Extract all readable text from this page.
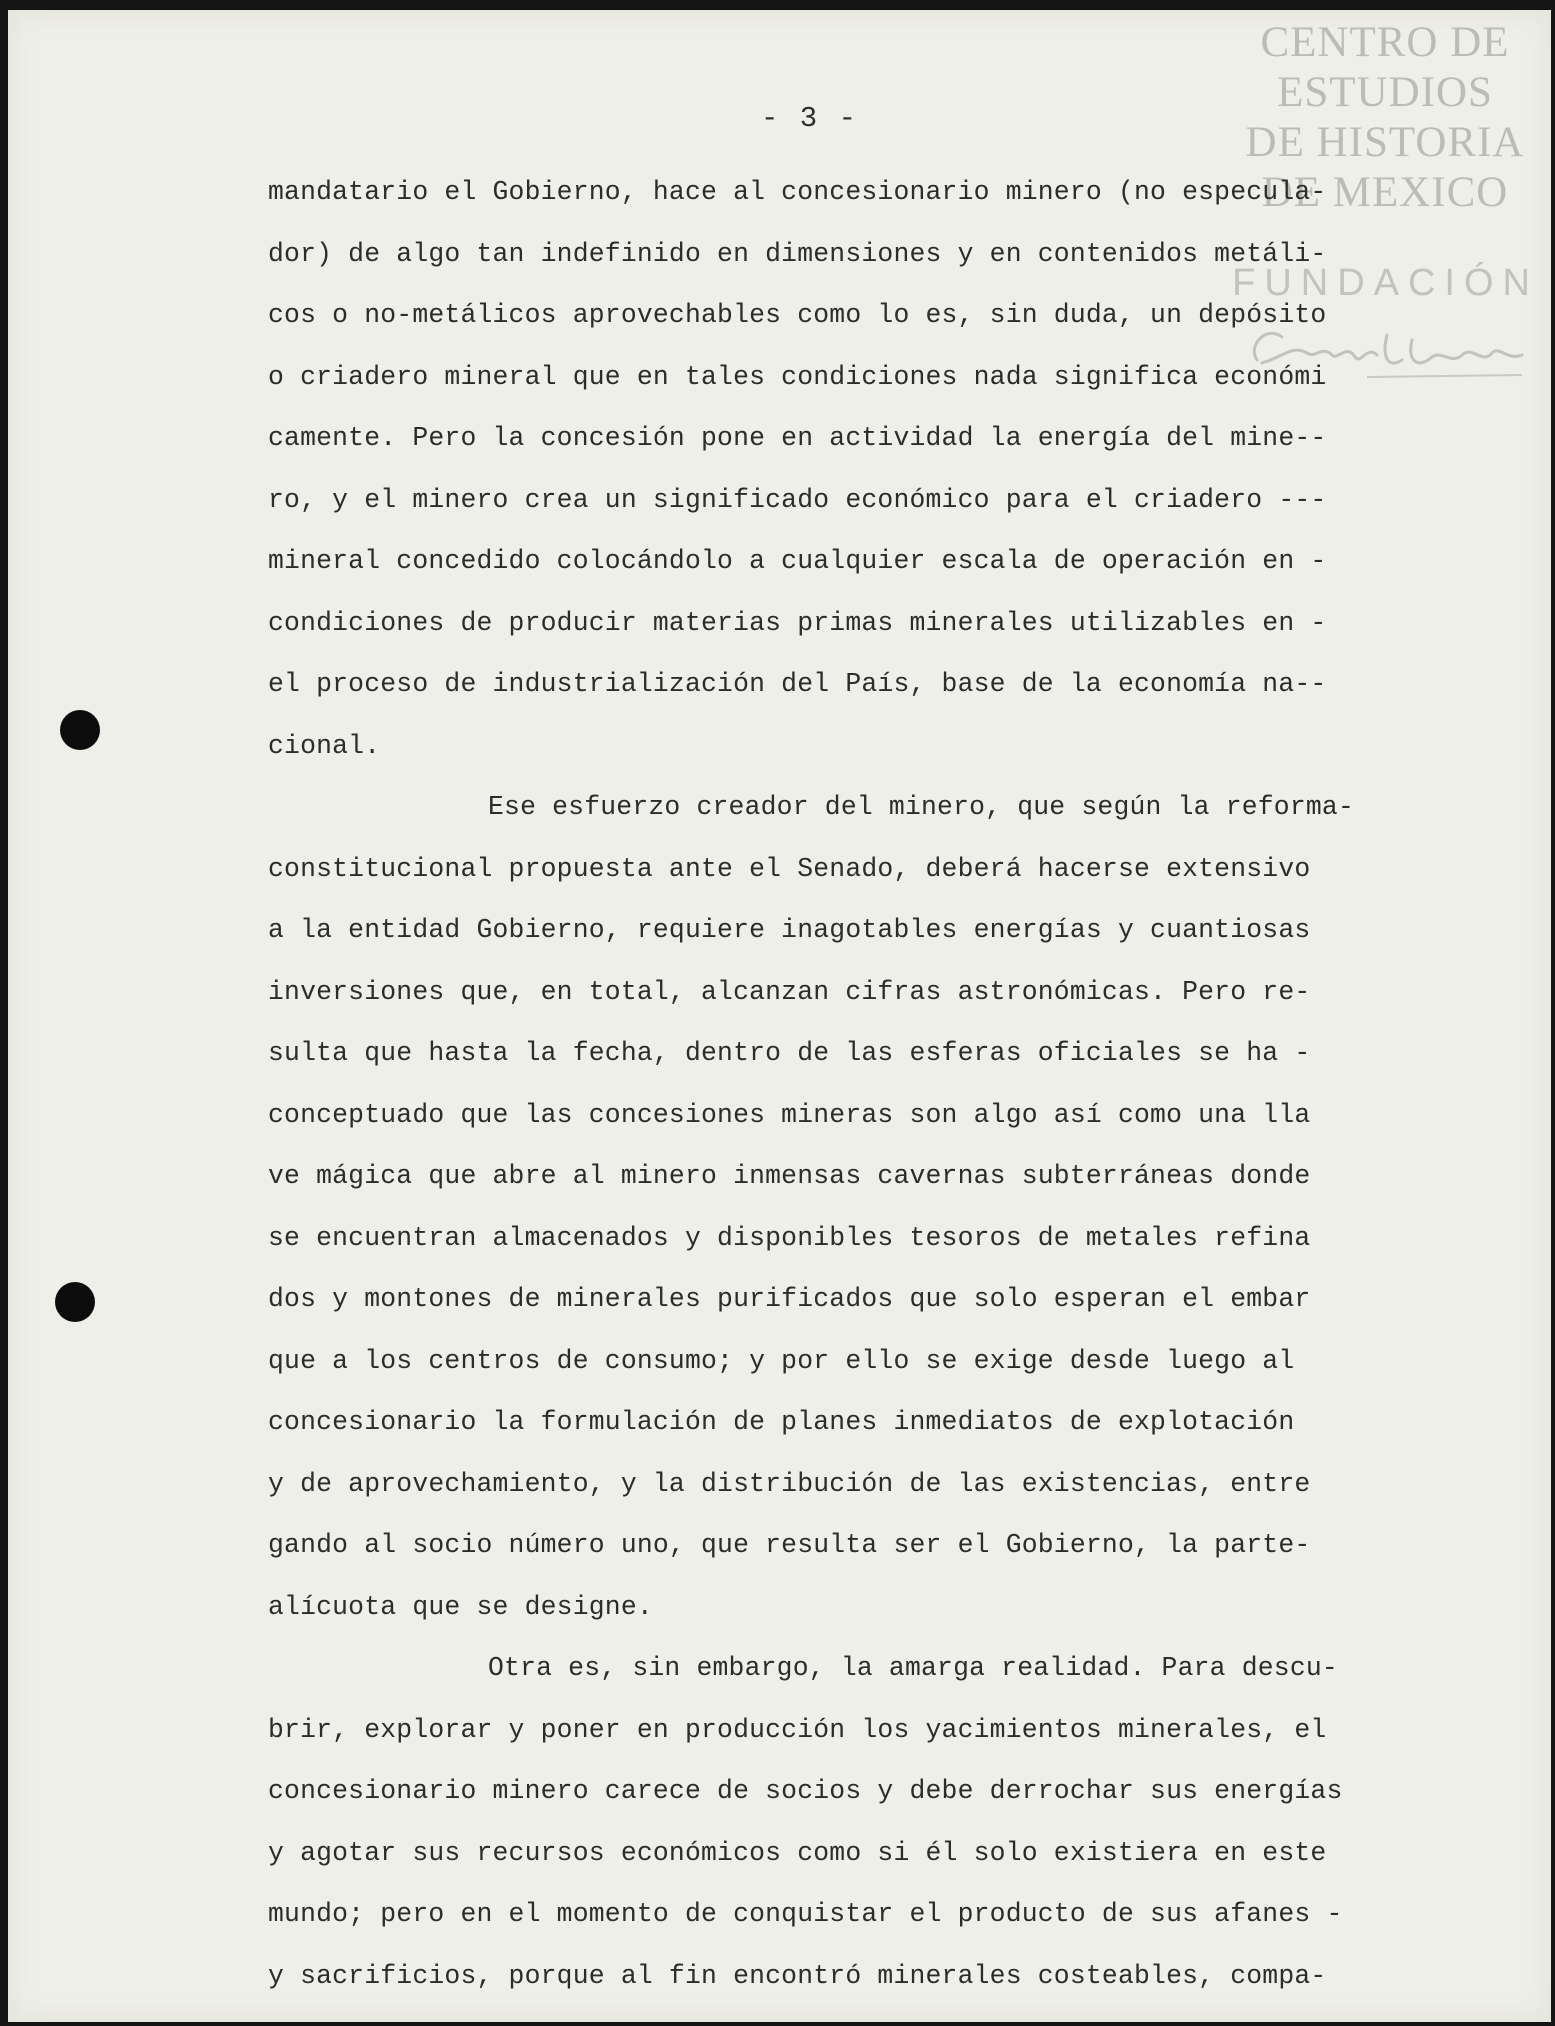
CENTRO DE
ESTUDIOS
DE HISTORIA
DE MEXICO
FUNDACIÓN
- 3 -
mandatario el Gobierno, hace al concesionario minero (no especula-
dor) de algo tan indefinido en dimensiones y en contenidos metáli-
cos o no-metálicos aprovechables como lo es, sin duda, un depósito
o criadero mineral que en tales condiciones nada significa económi
camente. Pero la concesión pone en actividad la energía del mine--
ro, y el minero crea un significado económico para el criadero ---
mineral concedido colocándolo a cualquier escala de operación en -
condiciones de producir materias primas minerales utilizables en -
el proceso de industrialización del País, base de la economía na--
cional.
Ese esfuerzo creador del minero, que según la reforma-
constitucional propuesta ante el Senado, deberá hacerse extensivo
a la entidad Gobierno, requiere inagotables energías y cuantiosas
inversiones que, en total, alcanzan cifras astronómicas. Pero re-
sulta que hasta la fecha, dentro de las esferas oficiales se ha -
conceptuado que las concesiones mineras son algo así como una lla
ve mágica que abre al minero inmensas cavernas subterráneas donde
se encuentran almacenados y disponibles tesoros de metales refina
dos y montones de minerales purificados que solo esperan el embar
que a los centros de consumo; y por ello se exige desde luego al
concesionario la formulación de planes inmediatos de explotación
y de aprovechamiento, y la distribución de las existencias, entre
gando al socio número uno, que resulta ser el Gobierno, la parte-
alícuota que se designe.
Otra es, sin embargo, la amarga realidad. Para descu-
brir, explorar y poner en producción los yacimientos minerales, el
concesionario minero carece de socios y debe derrochar sus energías
y agotar sus recursos económicos como si él solo existiera en este
mundo; pero en el momento de conquistar el producto de sus afanes -
y sacrificios, porque al fin encontró minerales costeables, compa-
